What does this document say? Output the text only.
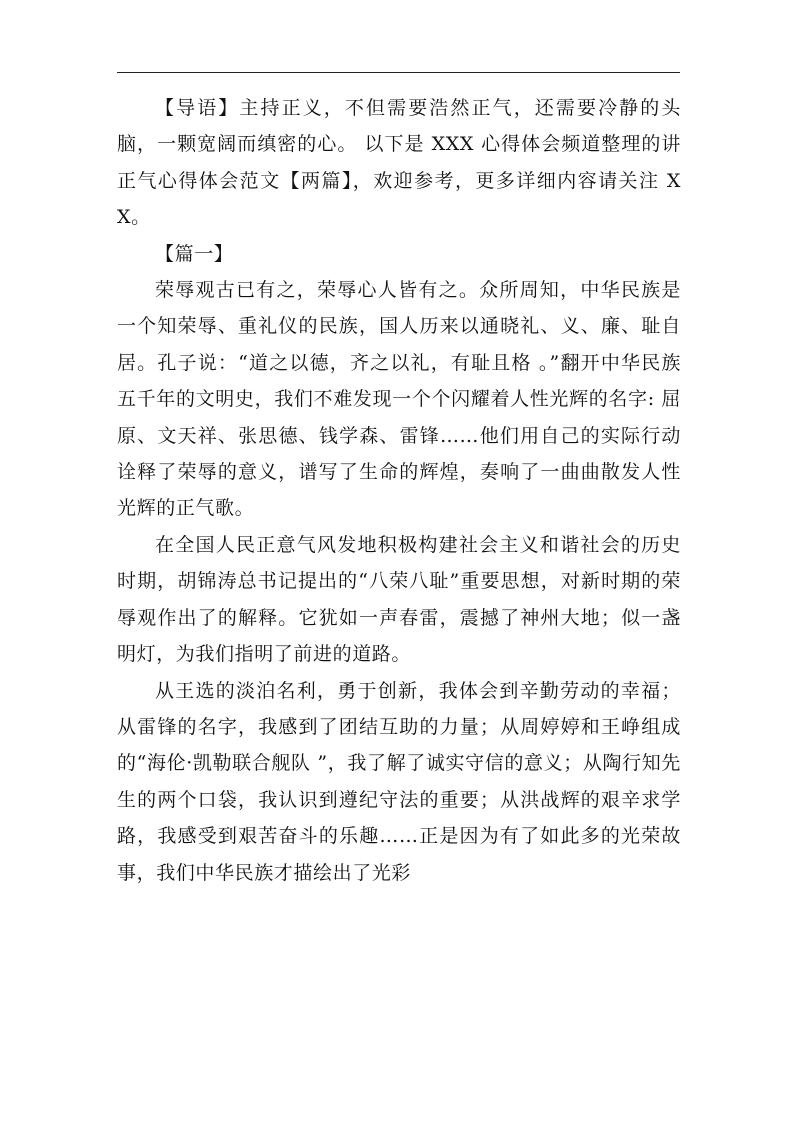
【导语】主持正义，不但需要浩然正气，还需要冷静的头脑，一颗宽阔而缜密的心。 以下是 XXX 心得体会频道整理的讲正气心得体会范文【两篇】，欢迎参考，更多详细内容请关注 XX。

【篇一】

荣辱观古已有之，荣辱心人皆有之。众所周知，中华民族是一个知荣辱、重礼仪的民族，国人历来以通晓礼、义、廉、耻自居。孔子说：“道之以德，齐之以礼，有耻且格 。”翻开中华民族五千年的文明史，我们不难发现一个个闪耀着人性光辉的名字: 屈原、文天祥、张思德、钱学森、雷锋……他们用自己的实际行动诠释了荣辱的意义，谱写了生命的辉煌，奏响了一曲曲散发人性光辉的正气歌。

在全国人民正意气风发地积极构建社会主义和谐社会的历史时期，胡锦涛总书记提出的“八荣八耻”重要思想，对新时期的荣辱观作出了的解释。它犹如一声春雷，震撼了神州大地；似一盏明灯，为我们指明了前进的道路。

从王选的淡泊名利，勇于创新，我体会到辛勤劳动的幸福；从雷锋的名字，我感到了团结互助的力量；从周婷婷和王峥组成的“海伦·凯勒联合舰队 ”，我了解了诚实守信的意义；从陶行知先生的两个口袋，我认识到遵纪守法的重要；从洪战辉的艰辛求学路，我感受到艰苦奋斗的乐趣……正是因为有了如此多的光荣故事，我们中华民族才描绘出了光彩
